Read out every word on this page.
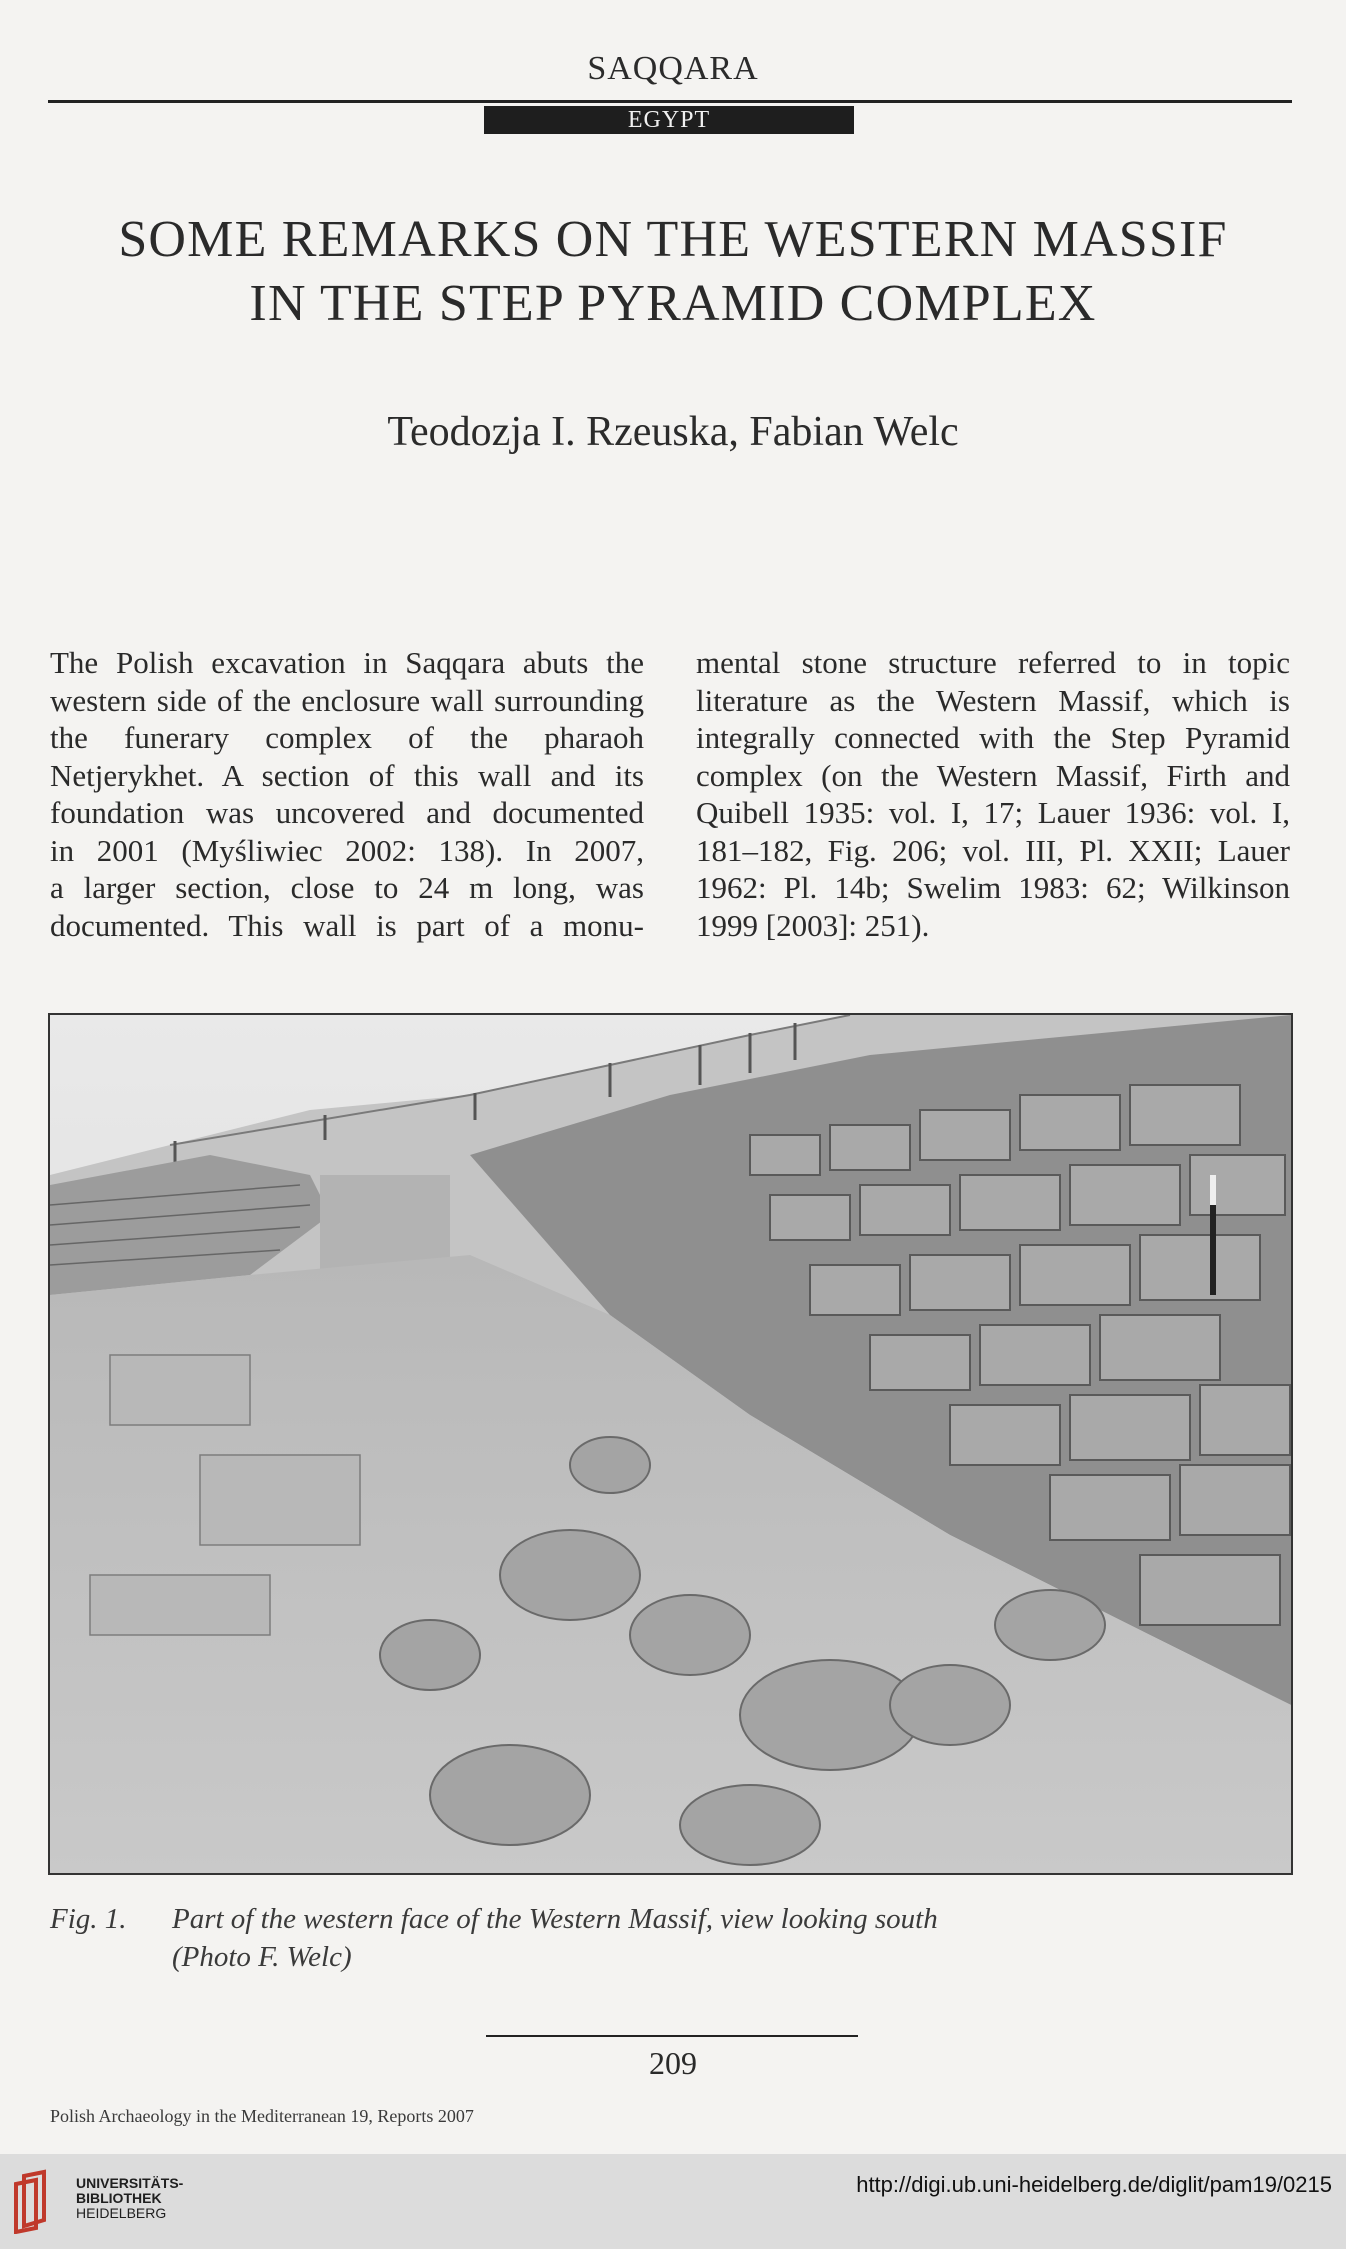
SAQQARA
EGYPT
SOME REMARKS ON THE WESTERN MASSIF
IN THE STEP PYRAMID COMPLEX
Teodozja I. Rzeuska, Fabian Welc
The Polish excavation in Saqqara abuts the
western side of the enclosure wall surrounding
the funerary complex of the pharaoh
Netjerykhet. A section of this wall and its
foundation was uncovered and documented
in 2001 (Myśliwiec 2002: 138). In 2007,
a larger section, close to 24 m long, was
documented. This wall is part of a monu-
mental stone structure referred to in topic
literature as the Western Massif, which is
integrally connected with the Step Pyramid
complex (on the Western Massif, Firth and
Quibell 1935: vol. I, 17; Lauer 1936: vol. I,
181–182, Fig. 206; vol. III, Pl. XXII; Lauer
1962: Pl. 14b; Swelim 1983: 62; Wilkinson
1999 [2003]: 251).
Fig. 1. Part of the western face of the Western Massif, view looking south
(Photo F. Welc)
209
Polish Archaeology in the Mediterranean 19, Reports 2007
UNIVERSITÄTS-
BIBLIOTHEK
HEIDELBERG
http://digi.ub.uni-heidelberg.de/diglit/pam19/0215
